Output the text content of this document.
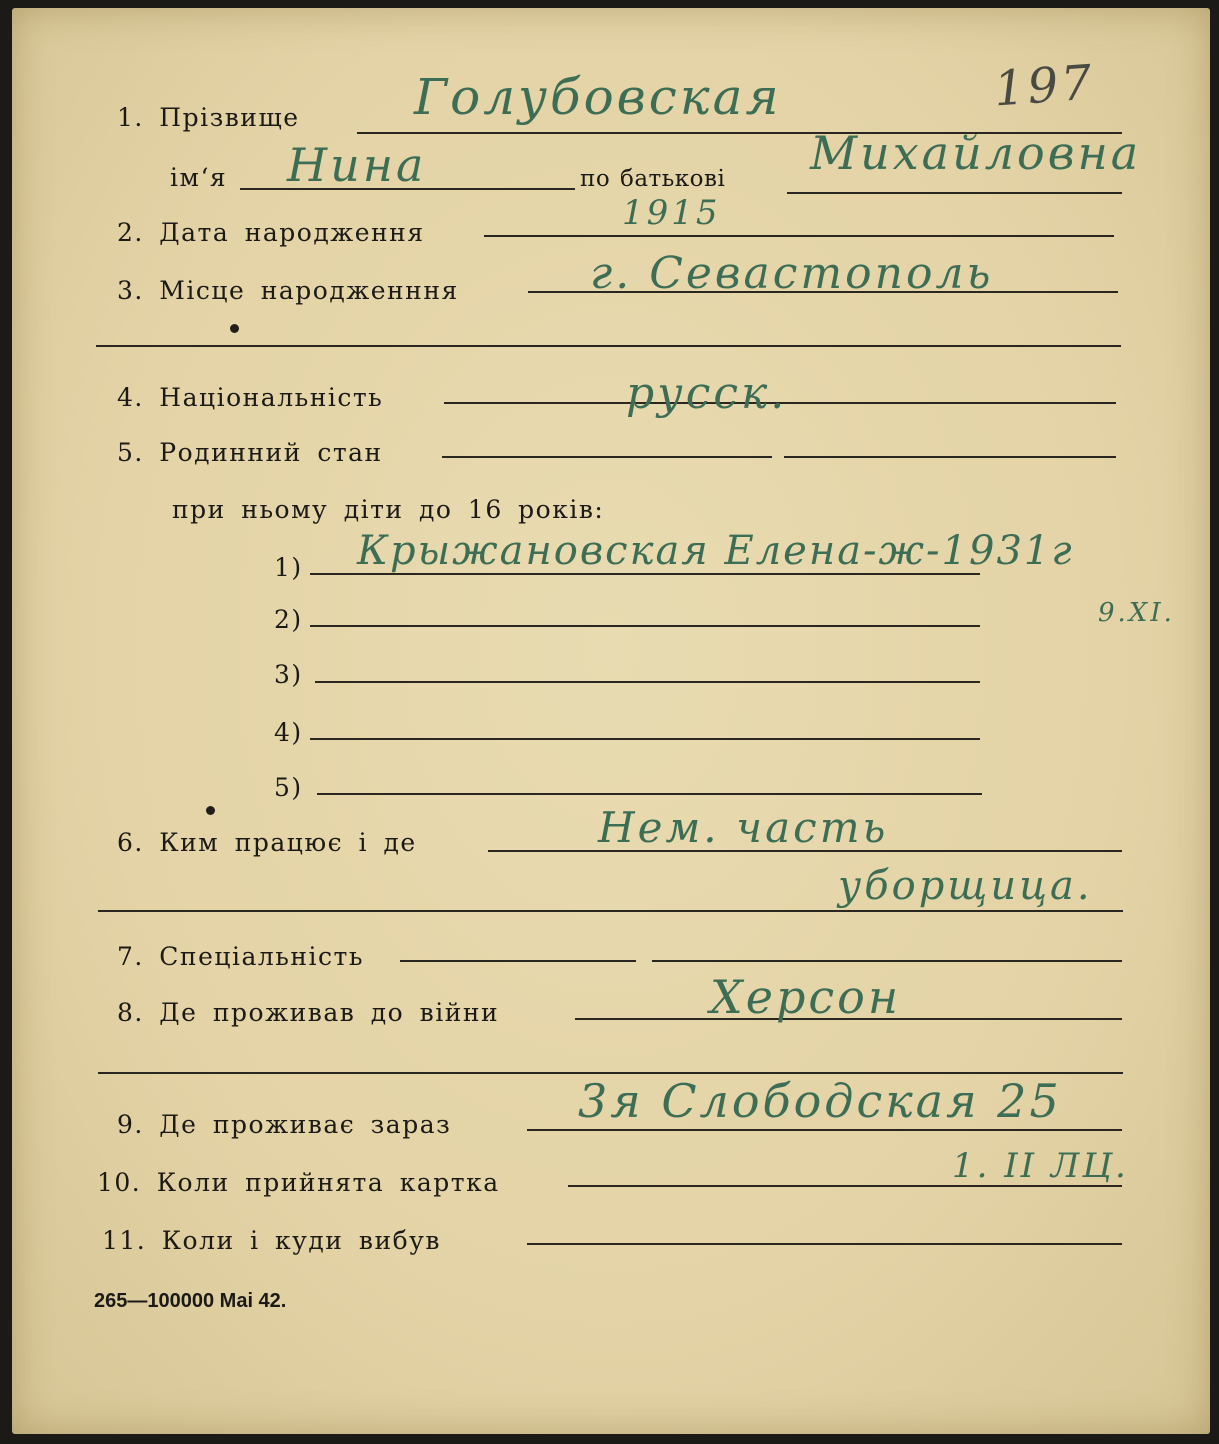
197
1. Прізвище Голубовская
ім‘я Нина	по батькові Михайловна
2. Дата народження	1915
3. Місце народженння	г. Севастополь
4. Національність	русск.
5. Родинний стан
при ньому діти до 16 років:
1) Крыжановская Елена-ж-1931г
2)	9.XI.
3)
4)
5)
6. Ким працює і де	Нем. часть
уборщица.
7. Спеціальність
8. Де проживав до війни	Херсон
9. Де проживає зараз	3я Слободская 25
10. Коли прийнята картка	1. II ЛЦ.
11. Коли і куди вибув
265—100000 Mai 42.
